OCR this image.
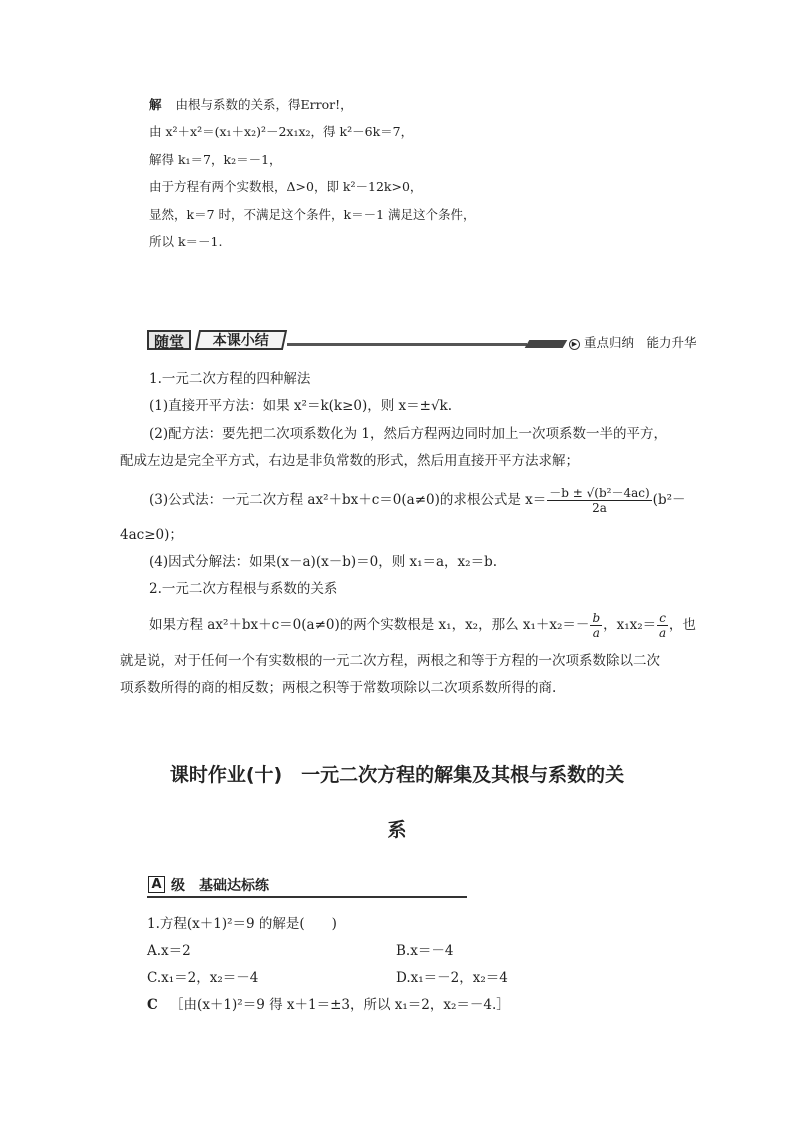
解 由根与系数的关系，得Error!，
由 x²＋x²＝(x₁＋x₂)²－2x₁x₂，得 k²－6k＝7，
解得 k₁＝7，k₂＝－1，
由于方程有两个实数根，Δ>0，即 k²－12k>0，
显然，k＝7 时，不满足这个条件，k＝－1 满足这个条件，
所以 k＝－1.
随堂	本课小结	▶ 重点归纳　能力升华
1.一元二次方程的四种解法
(1)直接开平方法：如果 x²＝k(k≥0)，则 x＝±√k.
(2)配方法：要先把二次项系数化为 1，然后方程两边同时加上一次项系数一半的平方，
配成左边是完全平方式，右边是非负常数的形式，然后用直接开平方法求解；
(3)公式法：一元二次方程 ax²＋bx＋c＝0(a≠0)的求根公式是 $x= \frac{\text{－b ± √(b²－4ac)}}{2a} (b^2-$
4ac≥0)；
(4)因式分解法：如果(x－a)(x－b)＝0，则 x₁＝a，x₂＝b.
2.一元二次方程根与系数的关系
如果方程 ax²＋bx＋c＝0(a≠0)的两个实数根是 x₁，x₂，那么 $x_1+x_2=- \frac{b}{a}$ ，$x_1x_2= \frac{c}{a}$ ，也
就是说，对于任何一个有实数根的一元二次方程，两根之和等于方程的一次项系数除以二次
项系数所得的商的相反数；两根之积等于常数项除以二次项系数所得的商.
课时作业(十)　一元二次方程的解集及其根与系数的关
系
A 级　基础达标练
1.方程(x＋1)²＝9 的解是(　　)
A.x＝2	B.x＝－4
C.x₁＝2，x₂＝－4	D.x₁＝－2，x₂＝4
C ［由(x＋1)²＝9 得 x＋1＝±3，所以 x₁＝2，x₂＝－4.］
